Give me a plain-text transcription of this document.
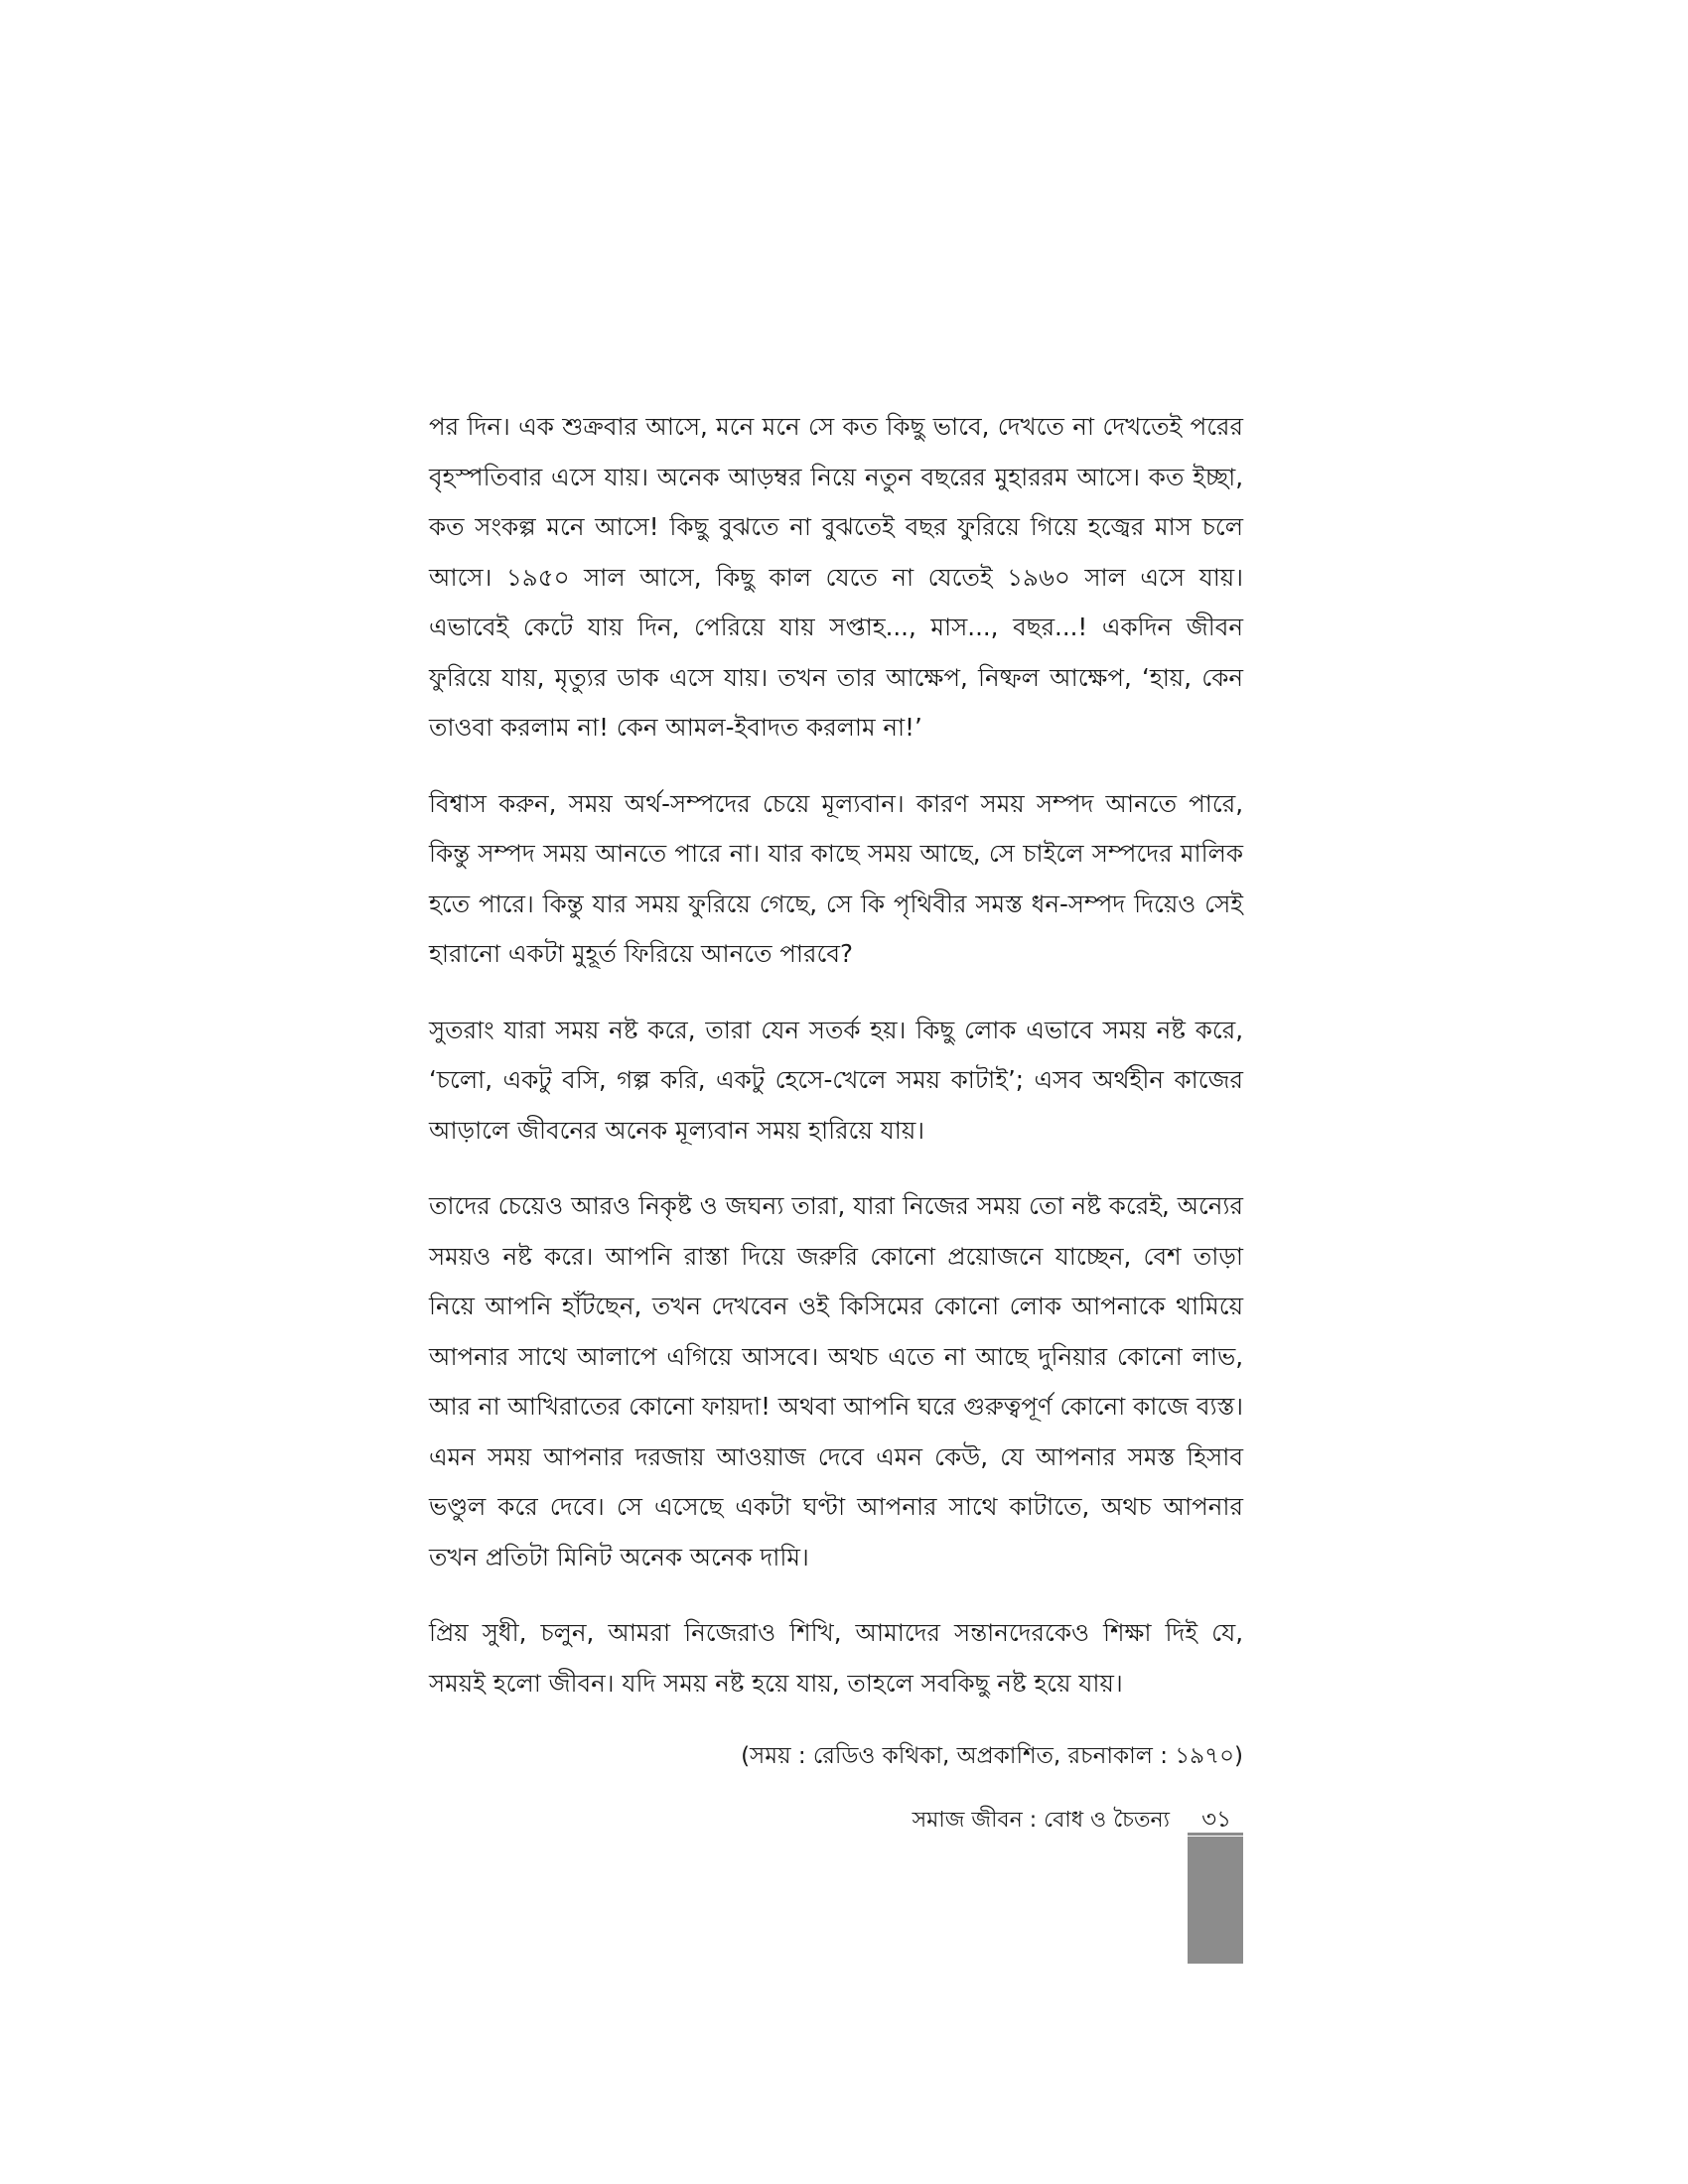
পর দিন। এক শুক্রবার আসে, মনে মনে সে কত কিছু ভাবে, দেখতে না দেখতেই পরের বৃহস্পতিবার এসে যায়। অনেক আড়ম্বর নিয়ে নতুন বছরের মুহাররম আসে। কত ইচ্ছা, কত সংকল্প মনে আসে! কিছু বুঝতে না বুঝতেই বছর ফুরিয়ে গিয়ে হজ্বের মাস চলে আসে। ১৯৫০ সাল আসে, কিছু কাল যেতে না যেতেই ১৯৬০ সাল এসে যায়। এভাবেই কেটে যায় দিন, পেরিয়ে যায় সপ্তাহ..., মাস..., বছর...! একদিন জীবন ফুরিয়ে যায়, মৃত্যুর ডাক এসে যায়। তখন তার আক্ষেপ, নিষ্ফল আক্ষেপ, ‘হায়, কেন তাওবা করলাম না! কেন আমল-ইবাদত করলাম না!’

বিশ্বাস করুন, সময় অর্থ-সম্পদের চেয়ে মূল্যবান। কারণ সময় সম্পদ আনতে পারে, কিন্তু সম্পদ সময় আনতে পারে না। যার কাছে সময় আছে, সে চাইলে সম্পদের মালিক হতে পারে। কিন্তু যার সময় ফুরিয়ে গেছে, সে কি পৃথিবীর সমস্ত ধন-সম্পদ দিয়েও সেই হারানো একটা মুহূর্ত ফিরিয়ে আনতে পারবে?

সুতরাং যারা সময় নষ্ট করে, তারা যেন সতর্ক হয়। কিছু লোক এভাবে সময় নষ্ট করে, ‘চলো, একটু বসি, গল্প করি, একটু হেসে-খেলে সময় কাটাই’; এসব অর্থহীন কাজের আড়ালে জীবনের অনেক মূল্যবান সময় হারিয়ে যায়।

তাদের চেয়েও আরও নিকৃষ্ট ও জঘন্য তারা, যারা নিজের সময় তো নষ্ট করেই, অন্যের সময়ও নষ্ট করে। আপনি রাস্তা দিয়ে জরুরি কোনো প্রয়োজনে যাচ্ছেন, বেশ তাড়া নিয়ে আপনি হাঁটছেন, তখন দেখবেন ওই কিসিমের কোনো লোক আপনাকে থামিয়ে আপনার সাথে আলাপে এগিয়ে আসবে। অথচ এতে না আছে দুনিয়ার কোনো লাভ, আর না আখিরাতের কোনো ফায়দা! অথবা আপনি ঘরে গুরুত্বপূর্ণ কোনো কাজে ব্যস্ত। এমন সময় আপনার দরজায় আওয়াজ দেবে এমন কেউ, যে আপনার সমস্ত হিসাব ভণ্ডুল করে দেবে। সে এসেছে একটা ঘণ্টা আপনার সাথে কাটাতে, অথচ আপনার তখন প্রতিটা মিনিট অনেক অনেক দামি।

প্রিয় সুধী, চলুন, আমরা নিজেরাও শিখি, আমাদের সন্তানদেরকেও শিক্ষা দিই যে, সময়ই হলো জীবন। যদি সময় নষ্ট হয়ে যায়, তাহলে সবকিছু নষ্ট হয়ে যায়।

(সময় : রেডিও কথিকা, অপ্রকাশিত, রচনাকাল : ১৯৭০)

সমাজ জীবন : বোধ ও চৈতন্য ৩১
